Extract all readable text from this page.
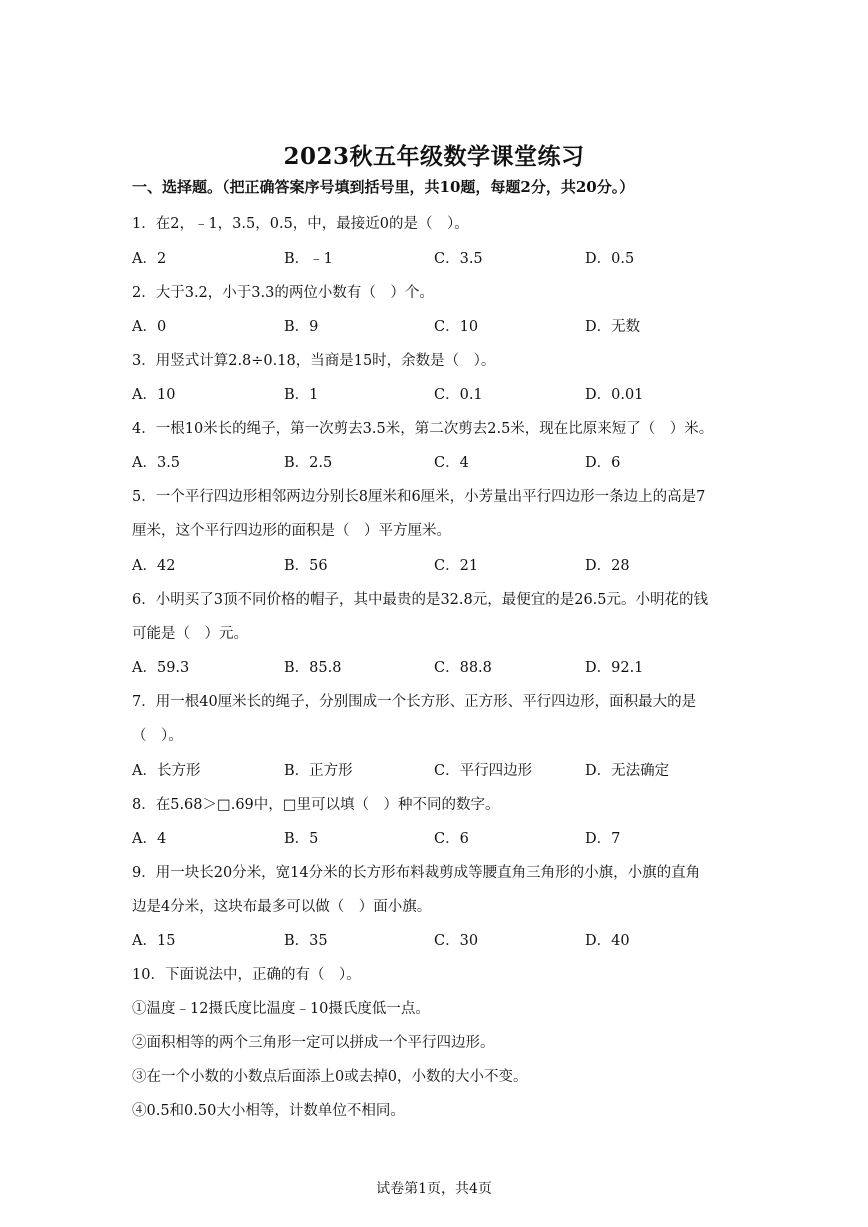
2023秋五年级数学课堂练习
一、选择题。（把正确答案序号填到括号里，共10题，每题2分，共20分。）
1．在2，﹣1，3.5，0.5，中，最接近0的是（　）。
A．2	B．﹣1	C．3.5	D．0.5
2．大于3.2，小于3.3的两位小数有（　）个。
A．0	B．9	C．10	D．无数
3．用竖式计算2.8÷0.18，当商是15时，余数是（　）。
A．10	B．1	C．0.1	D．0.01
4．一根10米长的绳子，第一次剪去3.5米，第二次剪去2.5米，现在比原来短了（　）米。
A．3.5	B．2.5	C．4	D．6
5．一个平行四边形相邻两边分别长8厘米和6厘米，小芳量出平行四边形一条边上的高是7
厘米，这个平行四边形的面积是（　）平方厘米。
A．42	B．56	C．21	D．28
6．小明买了3顶不同价格的帽子，其中最贵的是32.8元，最便宜的是26.5元。小明花的钱
可能是（　）元。
A．59.3	B．85.8	C．88.8	D．92.1
7．用一根40厘米长的绳子，分别围成一个长方形、正方形、平行四边形，面积最大的是
（　）。
A．长方形	B．正方形	C．平行四边形	D．无法确定
8．在5.68＞□.69中，□里可以填（　）种不同的数字。
A．4	B．5	C．6	D．7
9．用一块长20分米，宽14分米的长方形布料裁剪成等腰直角三角形的小旗，小旗的直角
边是4分米，这块布最多可以做（　）面小旗。
A．15	B．35	C．30	D．40
10．下面说法中，正确的有（　）。
①温度﹣12摄氏度比温度﹣10摄氏度低一点。
②面积相等的两个三角形一定可以拼成一个平行四边形。
③在一个小数的小数点后面添上0或去掉0，小数的大小不变。
④0.5和0.50大小相等，计数单位不相同。
试卷第1页，共4页
